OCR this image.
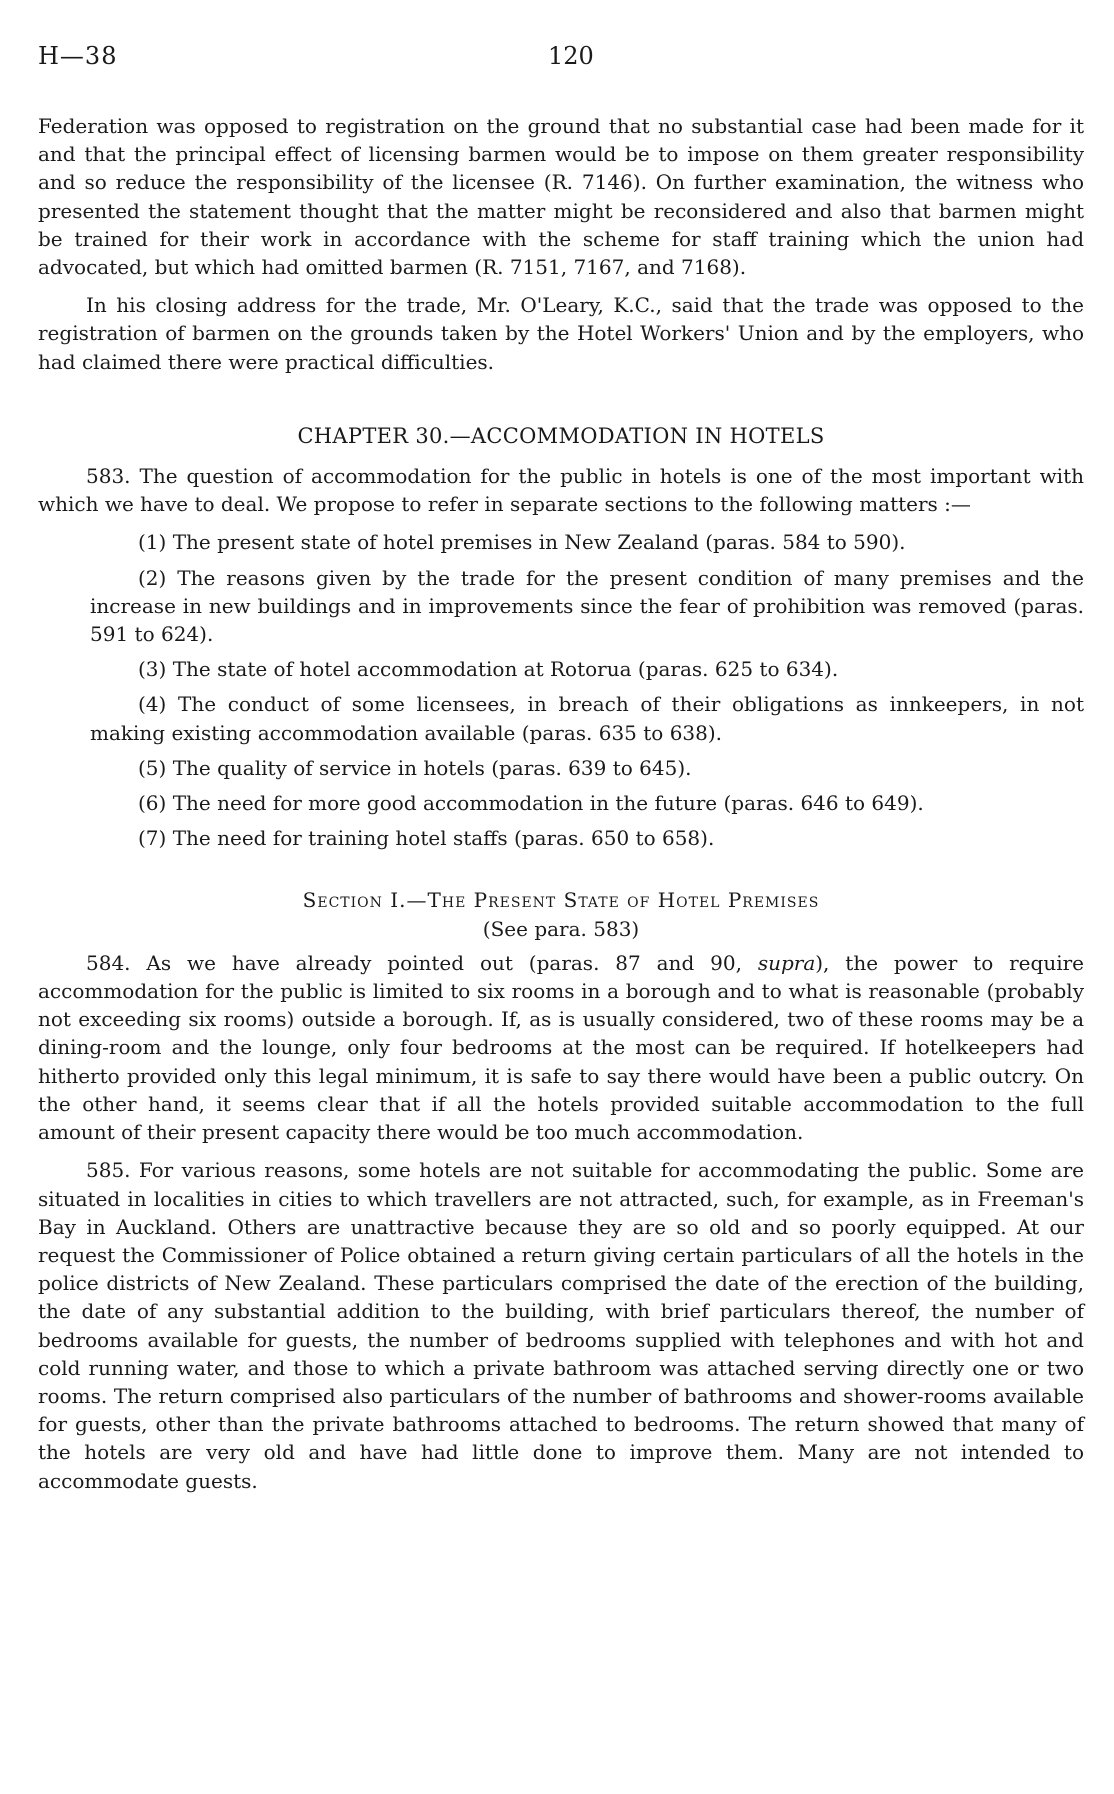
H—38	120

Federation was opposed to registration on the ground that no substantial case had been made for it and that the principal effect of licensing barmen would be to impose on them greater responsibility and so reduce the responsibility of the licensee (R. 7146). On further examination, the witness who presented the statement thought that the matter might be reconsidered and also that barmen might be trained for their work in accordance with the scheme for staff training which the union had advocated, but which had omitted barmen (R. 7151, 7167, and 7168).

In his closing address for the trade, Mr. O'Leary, K.C., said that the trade was opposed to the registration of barmen on the grounds taken by the Hotel Workers' Union and by the employers, who had claimed there were practical difficulties.

CHAPTER 30.—ACCOMMODATION IN HOTELS

583. The question of accommodation for the public in hotels is one of the most important with which we have to deal. We propose to refer in separate sections to the following matters :—

(1) The present state of hotel premises in New Zealand (paras. 584 to 590).

(2) The reasons given by the trade for the present condition of many premises and the increase in new buildings and in improvements since the fear of prohibition was removed (paras. 591 to 624).

(3) The state of hotel accommodation at Rotorua (paras. 625 to 634).

(4) The conduct of some licensees, in breach of their obligations as innkeepers, in not making existing accommodation available (paras. 635 to 638).

(5) The quality of service in hotels (paras. 639 to 645).

(6) The need for more good accommodation in the future (paras. 646 to 649).

(7) The need for training hotel staffs (paras. 650 to 658).

Section I.—The Present State of Hotel Premises

(See para. 583)

584. As we have already pointed out (paras. 87 and 90, supra), the power to require accommodation for the public is limited to six rooms in a borough and to what is reasonable (probably not exceeding six rooms) outside a borough. If, as is usually considered, two of these rooms may be a dining-room and the lounge, only four bedrooms at the most can be required. If hotelkeepers had hitherto provided only this legal minimum, it is safe to say there would have been a public outcry. On the other hand, it seems clear that if all the hotels provided suitable accommodation to the full amount of their present capacity there would be too much accommodation.

585. For various reasons, some hotels are not suitable for accommodating the public. Some are situated in localities in cities to which travellers are not attracted, such, for example, as in Freeman's Bay in Auckland. Others are unattractive because they are so old and so poorly equipped. At our request the Commissioner of Police obtained a return giving certain particulars of all the hotels in the police districts of New Zealand. These particulars comprised the date of the erection of the building, the date of any substantial addition to the building, with brief particulars thereof, the number of bedrooms available for guests, the number of bedrooms supplied with telephones and with hot and cold running water, and those to which a private bathroom was attached serving directly one or two rooms. The return comprised also particulars of the number of bathrooms and shower-rooms available for guests, other than the private bathrooms attached to bedrooms. The return showed that many of the hotels are very old and have had little done to improve them. Many are not intended to accommodate guests.
